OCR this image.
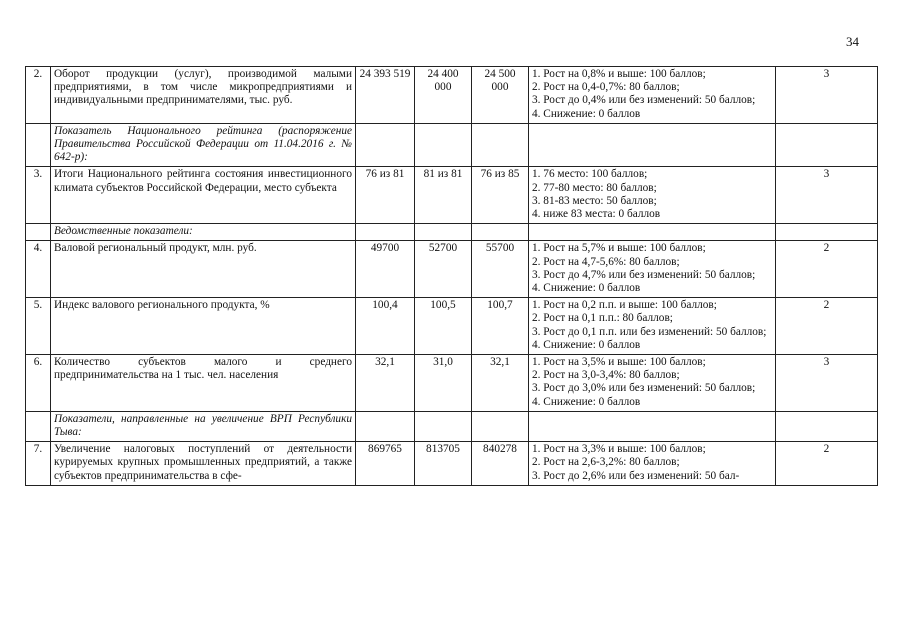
34
2.	Оборот продукции (услуг), производимой малыми предприятиями, в том числе микропредприятиями и индивидуальными предпринимателями, тыс. руб.	24 393 519	24 400 000	24 500 000	1. Рост на 0,8% и выше: 100 баллов;
2. Рост на 0,4-0,7%: 80 баллов;
3. Рост до 0,4% или без изменений: 50 баллов;
4. Снижение: 0 баллов	3
	Показатель Национального рейтинга (распоряжение Правительства Российской Федерации от 11.04.2016 г. № 642-р):					
3.	Итоги Национального рейтинга состояния инвестиционного климата субъектов Российской Федерации, место субъекта	76 из 81	81 из 81	76 из 85	1. 76 место: 100 баллов;
2. 77-80 место: 80 баллов;
3. 81-83 место: 50 баллов;
4. ниже 83 места: 0 баллов	3
	Ведомственные показатели:					
4.	Валовой региональный продукт, млн. руб.	49700	52700	55700	1. Рост на 5,7% и выше: 100 баллов;
2. Рост на 4,7-5,6%: 80 баллов;
3. Рост до 4,7% или без изменений: 50 баллов;
4. Снижение: 0 баллов	2
5.	Индекс валового регионального продукта, %	100,4	100,5	100,7	1. Рост на 0,2 п.п. и выше: 100 баллов;
2. Рост на 0,1 п.п.: 80 баллов;
3. Рост до 0,1 п.п. или без изменений: 50 баллов;
4. Снижение: 0 баллов	2
6.	Количество субъектов малого и среднего предпринимательства на 1 тыс. чел. населения	32,1	31,0	32,1	1. Рост на 3,5% и выше: 100 баллов;
2. Рост на 3,0-3,4%: 80 баллов;
3. Рост до 3,0% или без изменений: 50 баллов;
4. Снижение: 0 баллов	3
	Показатели, направленные на увеличение ВРП Республики Тыва:					
7.	Увеличение налоговых поступлений от деятельности курируемых крупных промышленных предприятий, а также субъектов предпринимательства в сфе-	869765	813705	840278	1. Рост на 3,3% и выше: 100 баллов;
2. Рост на 2,6-3,2%: 80 баллов;
3. Рост до 2,6% или без изменений: 50 бал-	2
